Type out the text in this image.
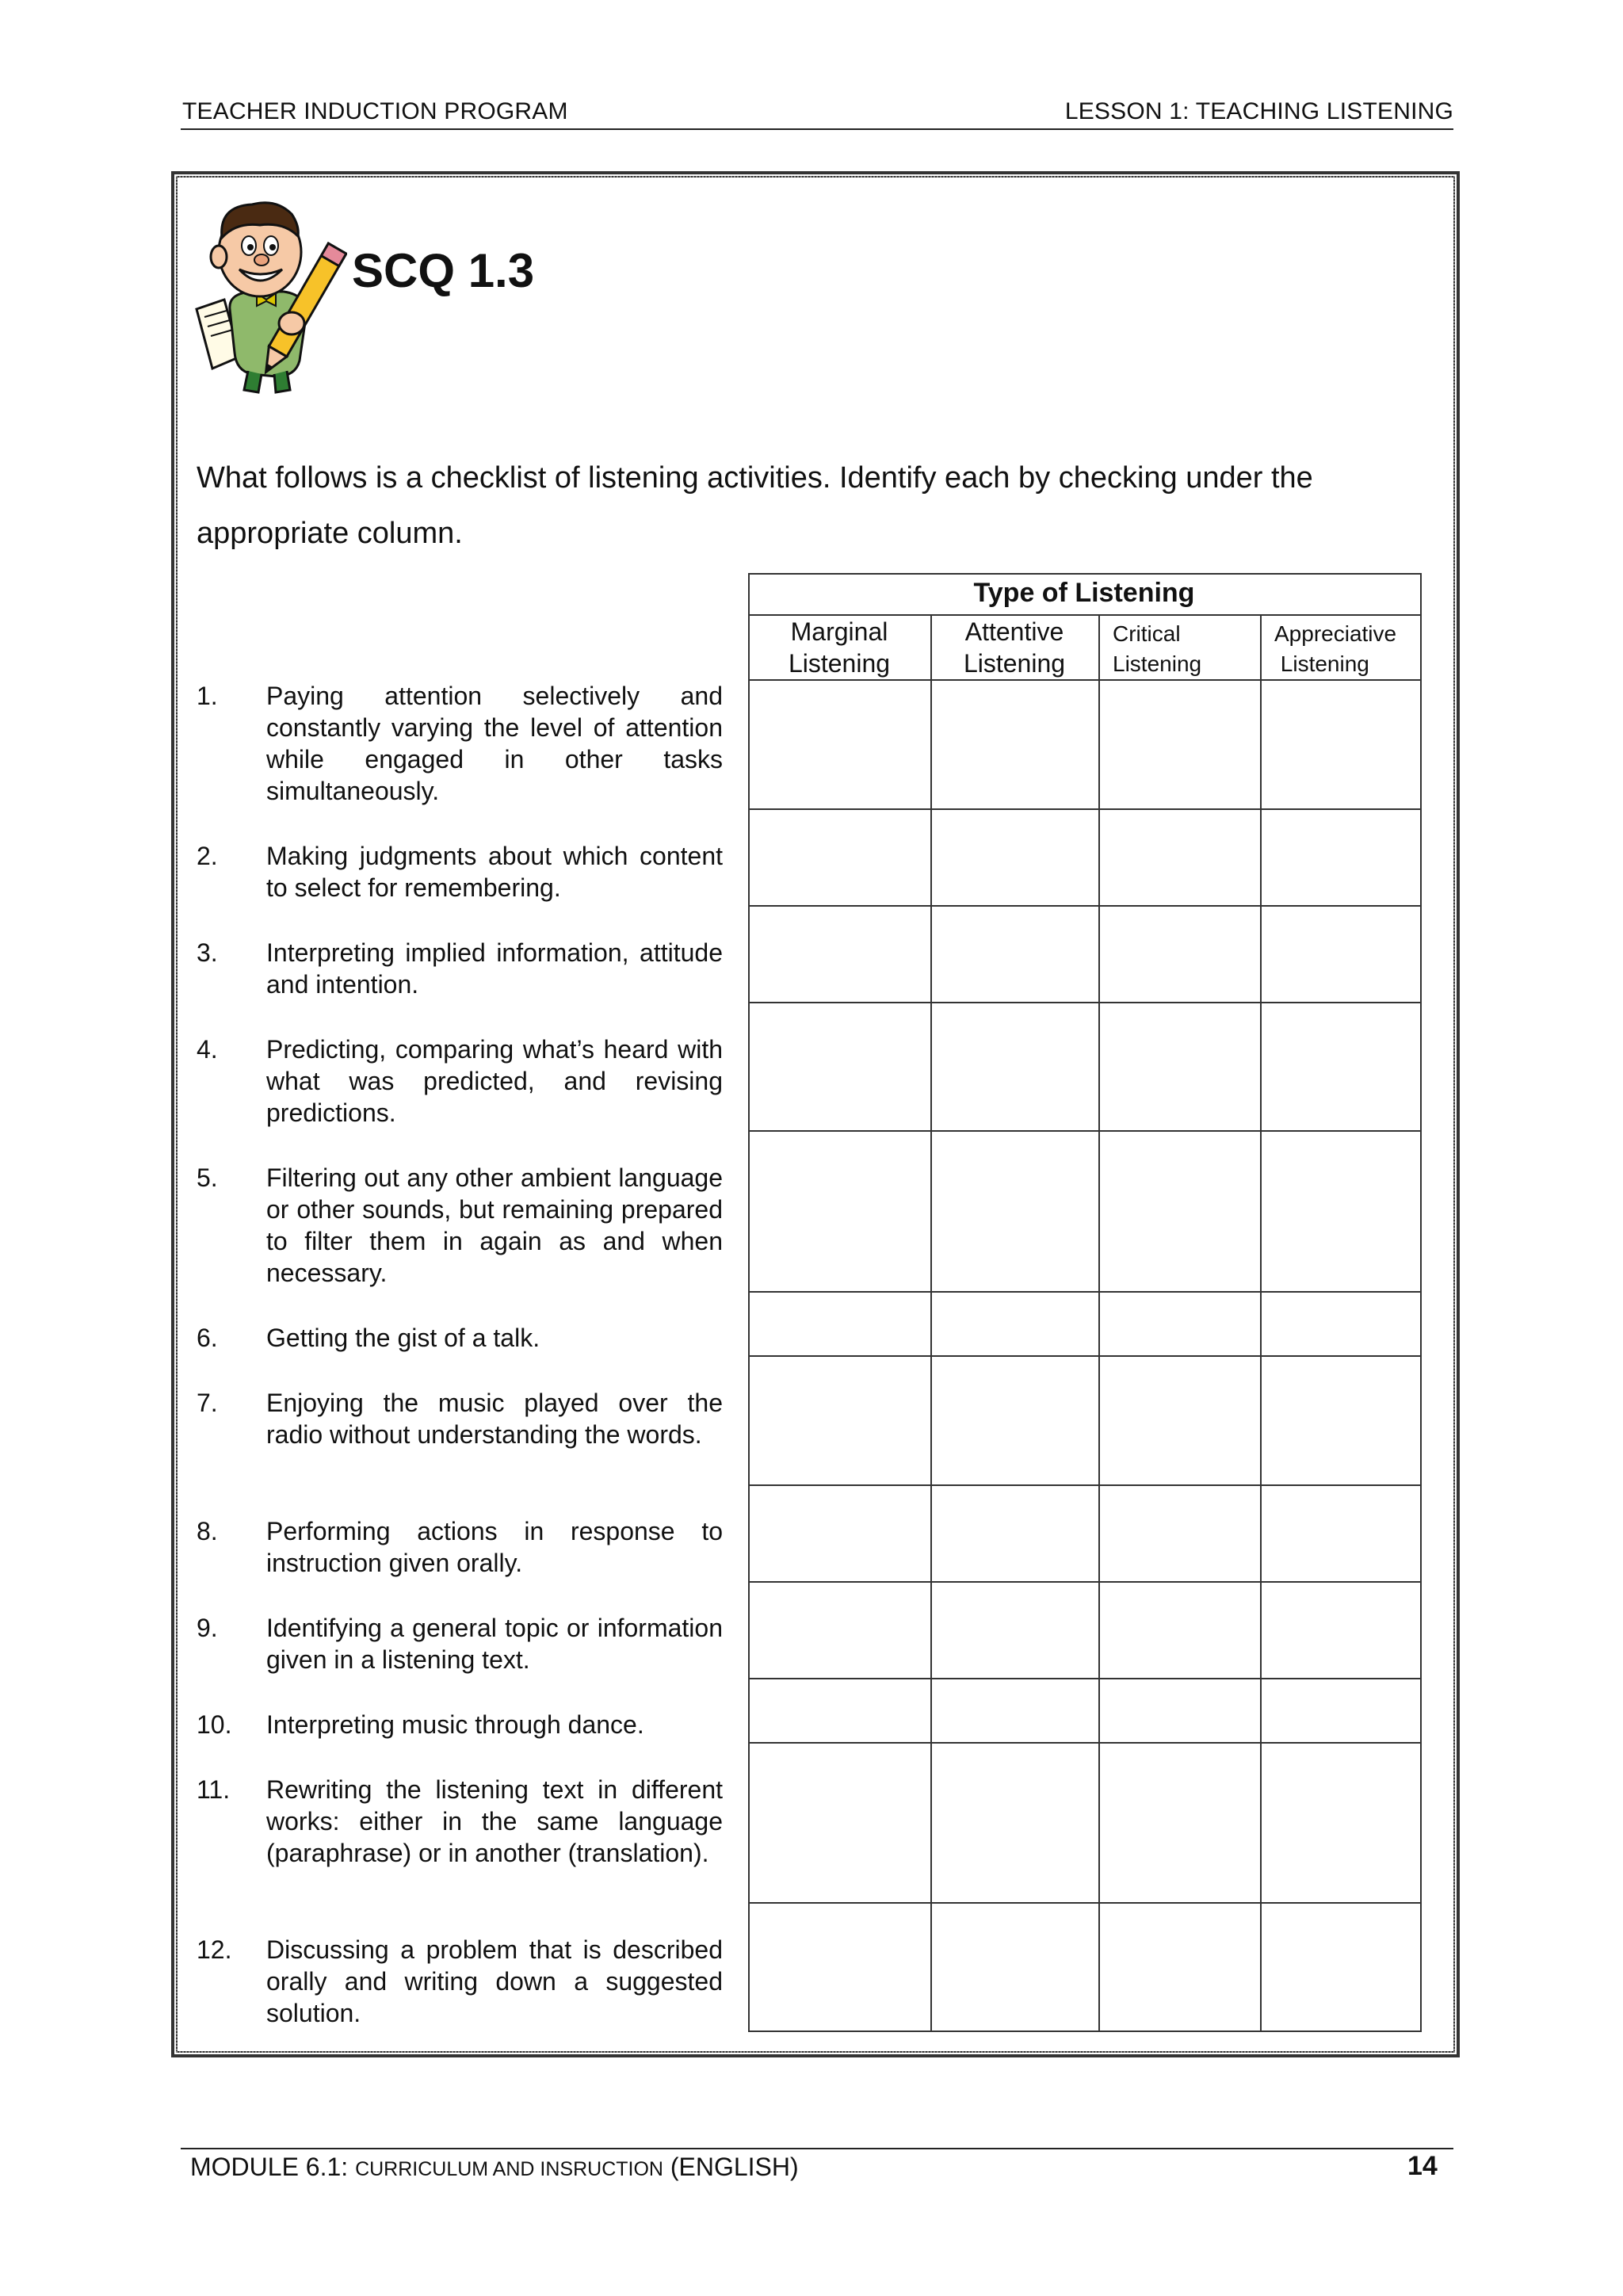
TEACHER INDUCTION PROGRAM	LESSON 1: TEACHING LISTENING
SCQ 1.3

What follows is a checklist of listening activities. Identify each by checking under the

appropriate column.

1. Paying attention selectively and constantly varying the level of attention while engaged in other tasks simultaneously.
2. Making judgments about which content to select for remembering.
3. Interpreting implied information, attitude and intention.
4. Predicting, comparing what’s heard with what was predicted, and revising predictions.
5. Filtering out any other ambient language or other sounds, but remaining prepared to filter them in again as and when necessary.
6. Getting the gist of a talk.
7. Enjoying the music played over the radio without understanding the words.
8. Performing actions in response to instruction given orally.
9. Identifying a general topic or information given in a listening text.
10. Interpreting music through dance.
11. Rewriting the listening text in different works: either in the same language (paraphrase) or in another (translation).
12. Discussing a problem that is described orally and writing down a suggested solution.
Type of Listening
Marginal
Listening
Attentive
Listening
Critical
Listening
Appreciative
Listening
MODULE 6.1: CURRICULUM AND INSRUCTION (ENGLISH)	14
